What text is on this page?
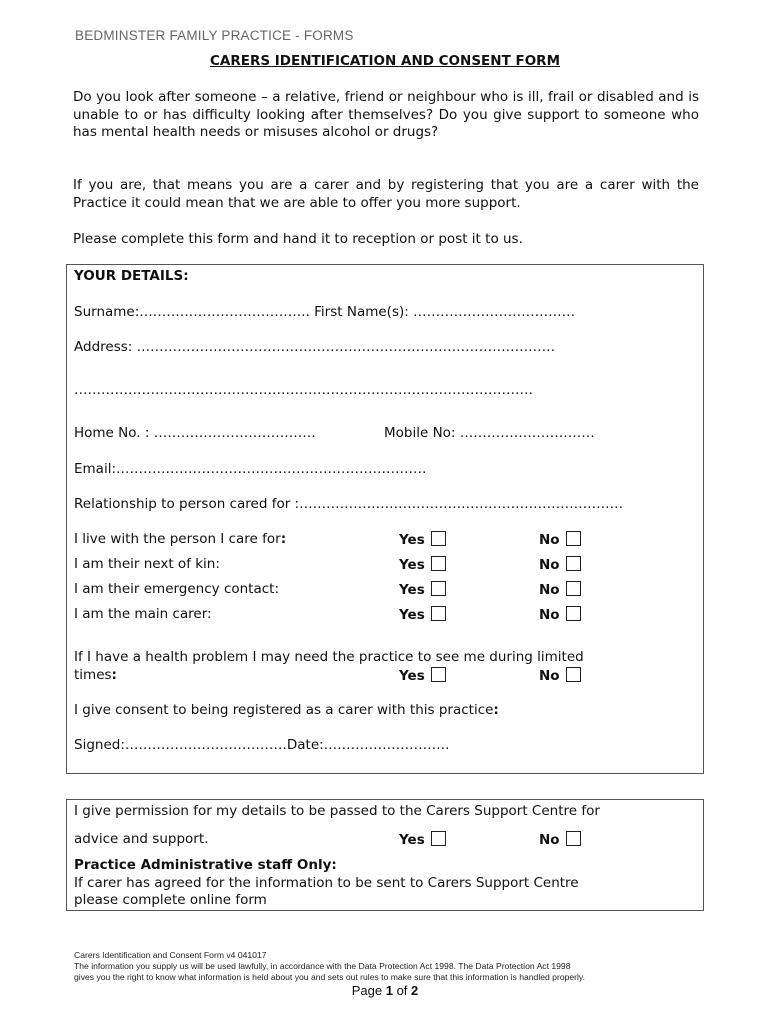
BEDMINSTER FAMILY PRACTICE - FORMS
CARERS IDENTIFICATION AND CONSENT FORM
Do you look after someone – a relative, friend or neighbour who is ill, frail or disabled and is unable to or has difficulty looking after themselves? Do you give support to someone who has mental health needs or misuses alcohol or drugs?
If you are, that means you are a carer and by registering that you are a carer with the Practice it could mean that we are able to offer you more support.
Please complete this form and hand it to reception or post it to us.
YOUR DETAILS:
Surname:……………………………….. First Name(s): ………………………………
Address: …………………………………………………………………………………
…………………………………………………………………………………………
Home No. : ………………………………	Mobile No: …………………………
Email:……………………………………………………………
Relationship to person cared for :………………………………………………………………
I live with the person I care for:	Yes	No
I am their next of kin:	Yes	No
I am their emergency contact:	Yes	No
I am the main carer:	Yes	No
If I have a health problem I may need the practice to see me during limited
times:	Yes	No
I give consent to being registered as a carer with this practice:
Signed:………………………………Date:……………………….
I give permission for my details to be passed to the Carers Support Centre for
advice and support.	Yes	No
Practice Administrative staff Only:
If carer has agreed for the information to be sent to Carers Support Centre
please complete online form
Carers Identification and Consent Form v4 041017
The information you supply us will be used lawfully, in accordance with the Data Protection Act 1998. The Data Protection Act 1998
gives you the right to know what information is held about you and sets out rules to make sure that this information is handled properly.
Page 1 of 2
